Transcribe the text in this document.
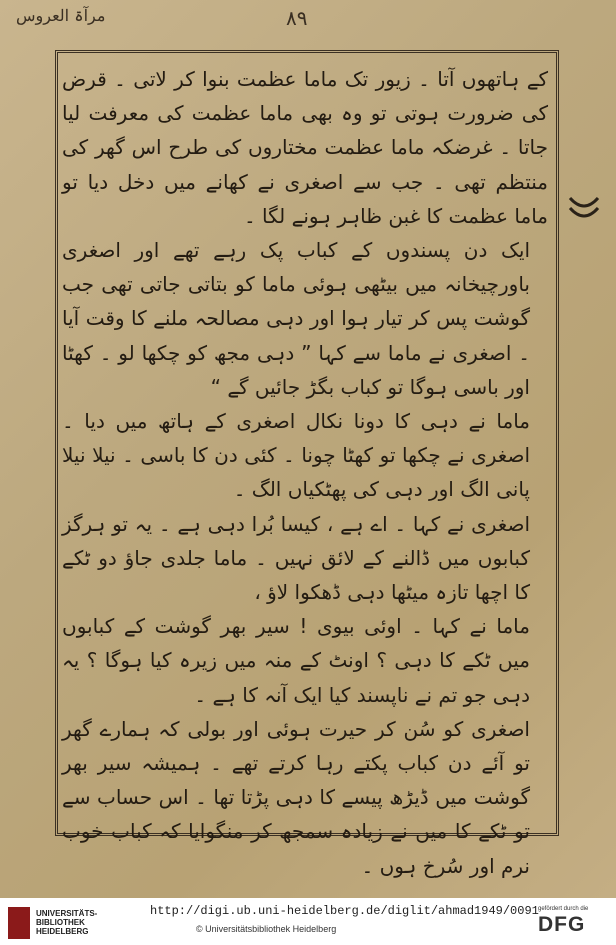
مرآۃ العروس	۸۹

کے ہاتھوں آتا ۔ زیور تک ماما عظمت بنوا کر لاتی ۔ قرض کی ضرورت ہوتی تو وہ بھی ماما عظمت کی معرفت لیا جاتا ۔ غرضکہ ماما عظمت مختاروں کی طرح اس گھر کی منتظم تھی ۔ جب سے اصغری نے کھانے میں دخل دیا تو ماما عظمت کا غبن ظاہر ہونے لگا ۔

ایک دن پسندوں کے کباب پک رہے تھے اور اصغری باورچیخانہ میں بیٹھی ہوئی ماما کو بتاتی جاتی تھی جب گوشت پس کر تیار ہوا اور دہی مصالحہ ملنے کا وقت آیا ۔ اصغری نے ماما سے کہا ” دہی مجھ کو چکھا لو ۔ کھٹا اور باسی ہوگا تو کباب بگڑ جائیں گے “

ماما نے دہی کا دونا نکال اصغری کے ہاتھ میں دیا ۔ اصغری نے چکھا تو کھٹا چونا ۔ کئی دن کا باسی ۔ نیلا نیلا پانی الگ اور دہی کی پھٹکیاں الگ ۔

اصغری نے کہا ۔ اے ہے ، کیسا بُرا دہی ہے ۔ یہ تو ہرگز کبابوں میں ڈالنے کے لائق نہیں ۔ ماما جلدی جاؤ دو ٹکے کا اچھا تازہ میٹھا دہی ڈھکوا لاؤ ،

ماما نے کہا ۔ اوئی بیوی ! سیر بھر گوشت کے کبابوں میں ٹکے کا دہی ؟ اونٹ کے منہ میں زیرہ کیا ہوگا ؟ یہ دہی جو تم نے ناپسند کیا ایک آنہ کا ہے ۔

اصغری کو سُن کر حیرت ہوئی اور بولی کہ ہمارے گھر تو آئے دن کباب پکتے رہا کرتے تھے ۔ ہمیشہ سیر بھر گوشت میں ڈیڑھ پیسے کا دہی پڑتا تھا ۔ اس حساب سے تو ٹکے کا میں نے زیادہ سمجھ کر منگوایا کہ کباب خوب نرم اور سُرخ ہوں ۔

UNIVERSITÄTS-BIBLIOTHEK HEIDELBERG
http://digi.ub.uni-heidelberg.de/diglit/ahmad1949/0091
© Universitätsbibliothek Heidelberg
gefördert durch die
DFG
